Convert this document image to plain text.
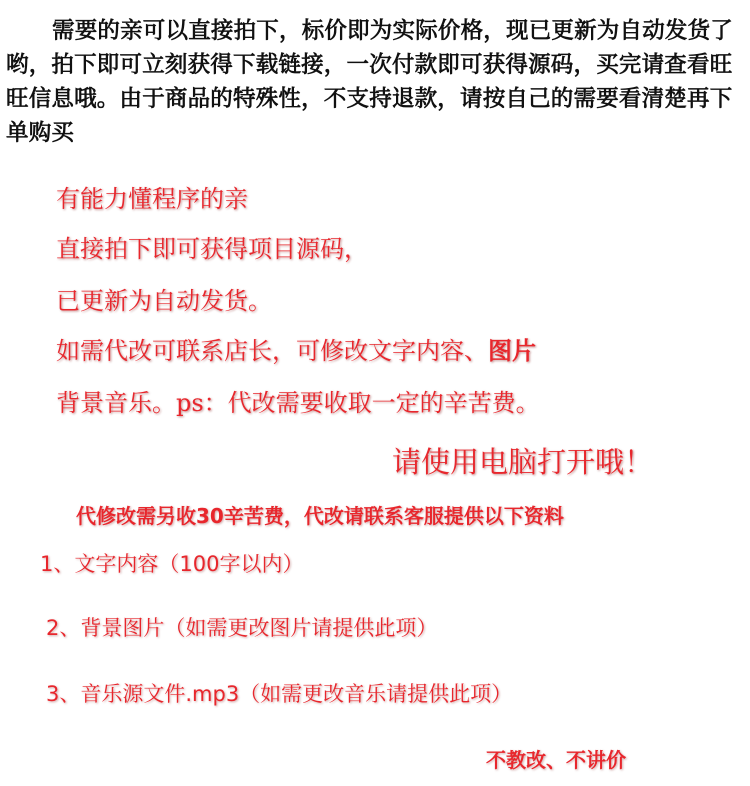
需要的亲可以直接拍下，标价即为实际价格，现已更新为自动发货了哟，拍下即可立刻获得下载链接，一次付款即可获得源码，买完请查看旺旺信息哦。由于商品的特殊性，不支持退款，请按自己的需要看清楚再下单购买

有能力懂程序的亲

直接拍下即可获得项目源码，

已更新为自动发货。

如需代改可联系店长，可修改文字内容、图片

背景音乐。ps：代改需要收取一定的辛苦费。

请使用电脑打开哦！

代修改需另收30辛苦费，代改请联系客服提供以下资料

1、文字内容（100字以内）

2、背景图片（如需更改图片请提供此项）

3、音乐源文件.mp3（如需更改音乐请提供此项）

不教改、不讲价
